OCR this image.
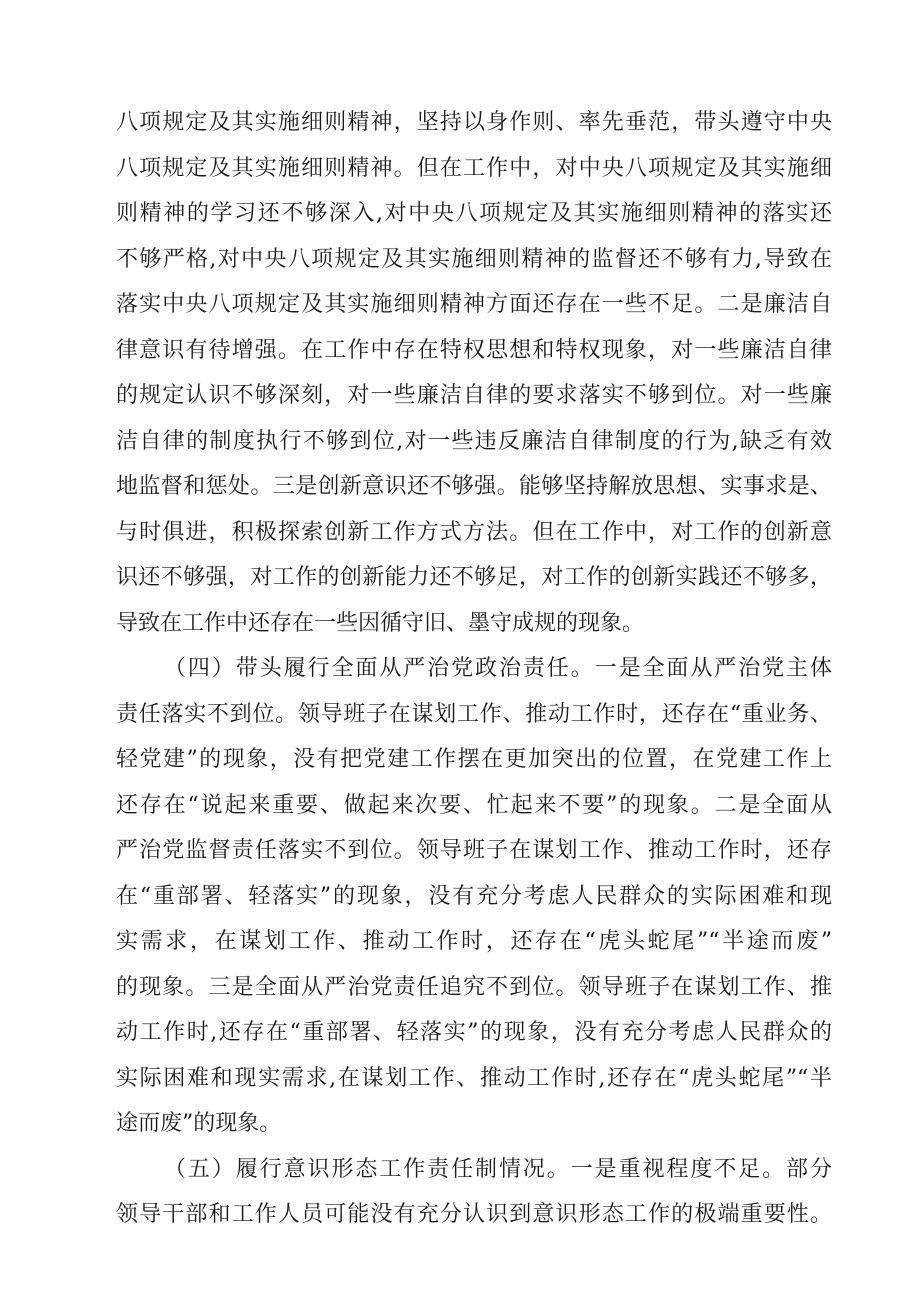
八项规定及其实施细则精神，坚持以身作则、率先垂范，带头遵守中央
八项规定及其实施细则精神。但在工作中，对中央八项规定及其实施细
则精神的学习还不够深入,对中央八项规定及其实施细则精神的落实还
不够严格,对中央八项规定及其实施细则精神的监督还不够有力,导致在
落实中央八项规定及其实施细则精神方面还存在一些不足。二是廉洁自
律意识有待增强。在工作中存在特权思想和特权现象，对一些廉洁自律
的规定认识不够深刻，对一些廉洁自律的要求落实不够到位。对一些廉
洁自律的制度执行不够到位,对一些违反廉洁自律制度的行为,缺乏有效
地监督和惩处。三是创新意识还不够强。能够坚持解放思想、实事求是、
与时俱进，积极探索创新工作方式方法。但在工作中，对工作的创新意
识还不够强，对工作的创新能力还不够足，对工作的创新实践还不够多，
导致在工作中还存在一些因循守旧、墨守成规的现象。
（四）带头履行全面从严治党政治责任。一是全面从严治党主体
责任落实不到位。领导班子在谋划工作、推动工作时，还存在“重业务、
轻党建”的现象，没有把党建工作摆在更加突出的位置，在党建工作上
还存在“说起来重要、做起来次要、忙起来不要”的现象。二是全面从
严治党监督责任落实不到位。领导班子在谋划工作、推动工作时，还存
在“重部署、轻落实”的现象，没有充分考虑人民群众的实际困难和现
实需求，在谋划工作、推动工作时，还存在“虎头蛇尾”“半途而废”
的现象。三是全面从严治党责任追究不到位。领导班子在谋划工作、推
动工作时,还存在“重部署、轻落实”的现象，没有充分考虑人民群众的
实际困难和现实需求,在谋划工作、推动工作时,还存在“虎头蛇尾”“半
途而废”的现象。
（五）履行意识形态工作责任制情况。一是重视程度不足。部分
领导干部和工作人员可能没有充分认识到意识形态工作的极端重要性。
